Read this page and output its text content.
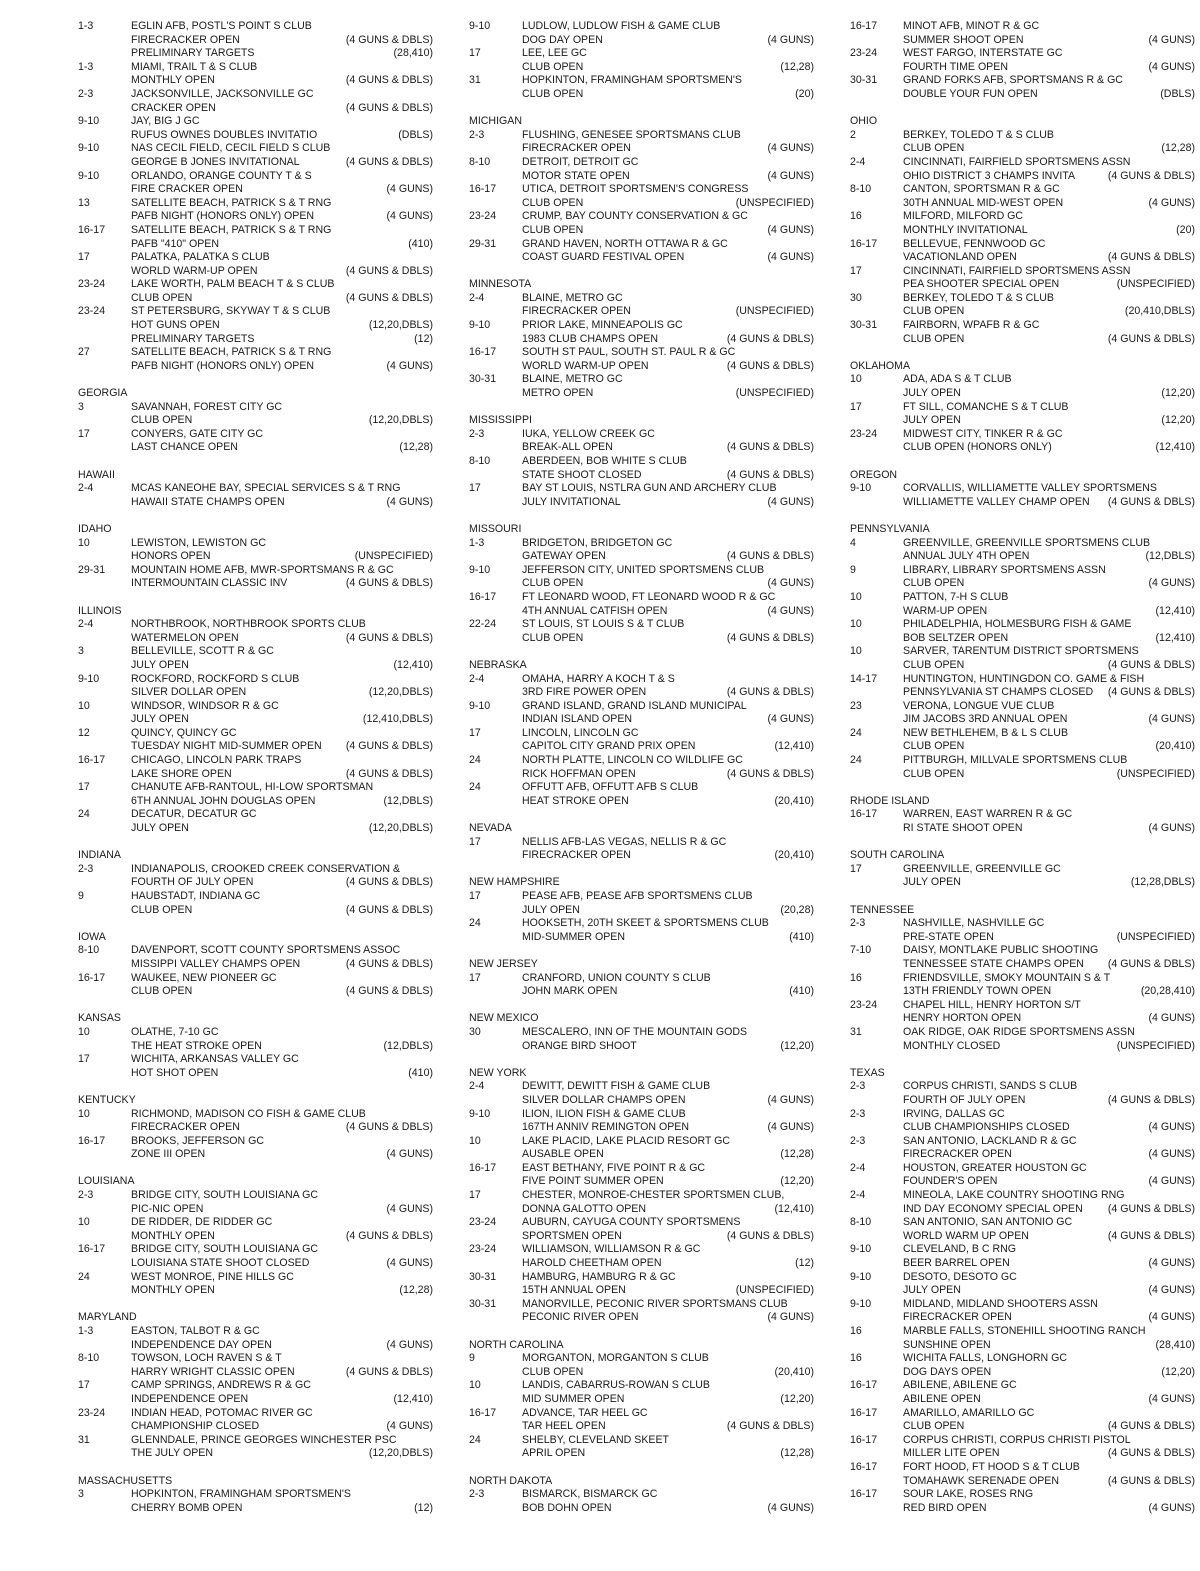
1-3	EGLIN AFB, POSTL'S POINT S CLUB
FIRECRACKER OPEN	(4 GUNS & DBLS)
PRELIMINARY TARGETS	(28,410)
1-3	MIAMI, TRAIL T & S CLUB
MONTHLY OPEN	(4 GUNS & DBLS)
2-3	JACKSONVILLE, JACKSONVILLE GC
CRACKER OPEN	(4 GUNS & DBLS)
9-10	JAY, BIG J GC
RUFUS OWNES DOUBLES INVITATIO	(DBLS)
9-10	NAS CECIL FIELD, CECIL FIELD S CLUB
GEORGE B JONES INVITATIONAL	(4 GUNS & DBLS)
9-10	ORLANDO, ORANGE COUNTY T & S
FIRE CRACKER OPEN	(4 GUNS)
13	SATELLITE BEACH, PATRICK S & T RNG
PAFB NIGHT (HONORS ONLY) OPEN	(4 GUNS)
16-17	SATELLITE BEACH, PATRICK S & T RNG
PAFB "410" OPEN	(410)
17	PALATKA, PALATKA S CLUB
WORLD WARM-UP OPEN	(4 GUNS & DBLS)
23-24	LAKE WORTH, PALM BEACH T & S CLUB
CLUB OPEN	(4 GUNS & DBLS)
23-24	ST PETERSBURG, SKYWAY T & S CLUB
HOT GUNS OPEN	(12,20,DBLS)
PRELIMINARY TARGETS	(12)
27	SATELLITE BEACH, PATRICK S & T RNG
PAFB NIGHT (HONORS ONLY) OPEN	(4 GUNS)
GEORGIA
3	SAVANNAH, FOREST CITY GC
CLUB OPEN	(12,20,DBLS)
17	CONYERS, GATE CITY GC
LAST CHANCE OPEN	(12,28)
HAWAII
2-4	MCAS KANEOHE BAY, SPECIAL SERVICES S & T RNG
HAWAII STATE CHAMPS OPEN	(4 GUNS)
IDAHO
10	LEWISTON, LEWISTON GC
HONORS OPEN	(UNSPECIFIED)
29-31	MOUNTAIN HOME AFB, MWR-SPORTSMANS R & GC
INTERMOUNTAIN CLASSIC INV	(4 GUNS & DBLS)
ILLINOIS
2-4	NORTHBROOK, NORTHBROOK SPORTS CLUB
WATERMELON OPEN	(4 GUNS & DBLS)
3	BELLEVILLE, SCOTT R & GC
JULY OPEN	(12,410)
9-10	ROCKFORD, ROCKFORD S CLUB
SILVER DOLLAR OPEN	(12,20,DBLS)
10	WINDSOR, WINDSOR R & GC
JULY OPEN	(12,410,DBLS)
12	QUINCY, QUINCY GC
TUESDAY NIGHT MID-SUMMER OPEN	(4 GUNS & DBLS)
16-17	CHICAGO, LINCOLN PARK TRAPS
LAKE SHORE OPEN	(4 GUNS & DBLS)
17	CHANUTE AFB-RANTOUL, HI-LOW SPORTSMAN
6TH ANNUAL JOHN DOUGLAS OPEN	(12,DBLS)
24	DECATUR, DECATUR GC
JULY OPEN	(12,20,DBLS)
INDIANA
2-3	INDIANAPOLIS, CROOKED CREEK CONSERVATION &
FOURTH OF JULY OPEN	(4 GUNS & DBLS)
9	HAUBSTADT, INDIANA GC
CLUB OPEN	(4 GUNS & DBLS)
IOWA
8-10	DAVENPORT, SCOTT COUNTY SPORTSMENS ASSOC
MISSIPPI VALLEY CHAMPS OPEN	(4 GUNS & DBLS)
16-17	WAUKEE, NEW PIONEER GC
CLUB OPEN	(4 GUNS & DBLS)
KANSAS
10	OLATHE, 7-10 GC
THE HEAT STROKE OPEN	(12,DBLS)
17	WICHITA, ARKANSAS VALLEY GC
HOT SHOT OPEN	(410)
KENTUCKY
10	RICHMOND, MADISON CO FISH & GAME CLUB
FIRECRACKER OPEN	(4 GUNS & DBLS)
16-17	BROOKS, JEFFERSON GC
ZONE III OPEN	(4 GUNS)
LOUISIANA
2-3	BRIDGE CITY, SOUTH LOUISIANA GC
PIC-NIC OPEN	(4 GUNS)
10	DE RIDDER, DE RIDDER GC
MONTHLY OPEN	(4 GUNS & DBLS)
16-17	BRIDGE CITY, SOUTH LOUISIANA GC
LOUISIANA STATE SHOOT CLOSED	(4 GUNS)
24	WEST MONROE, PINE HILLS GC
MONTHLY OPEN	(12,28)
MARYLAND
1-3	EASTON, TALBOT R & GC
INDEPENDENCE DAY OPEN	(4 GUNS)
8-10	TOWSON, LOCH RAVEN S & T
HARRY WRIGHT CLASSIC OPEN	(4 GUNS & DBLS)
17	CAMP SPRINGS, ANDREWS R & GC
INDEPENDENCE OPEN	(12,410)
23-24	INDIAN HEAD, POTOMAC RIVER GC
CHAMPIONSHIP CLOSED	(4 GUNS)
31	GLENNDALE, PRINCE GEORGES WINCHESTER PSC
THE JULY OPEN	(12,20,DBLS)
MASSACHUSETTS
3	HOPKINTON, FRAMINGHAM SPORTSMEN'S
CHERRY BOMB OPEN	(12)
9-10	LUDLOW, LUDLOW FISH & GAME CLUB
DOG DAY OPEN	(4 GUNS)
17	LEE, LEE GC
CLUB OPEN	(12,28)
31	HOPKINTON, FRAMINGHAM SPORTSMEN'S
CLUB OPEN	(20)
MICHIGAN
2-3	FLUSHING, GENESEE SPORTSMANS CLUB
FIRECRACKER OPEN	(4 GUNS)
8-10	DETROIT, DETROIT GC
MOTOR STATE OPEN	(4 GUNS)
16-17	UTICA, DETROIT SPORTSMEN'S CONGRESS
CLUB OPEN	(UNSPECIFIED)
23-24	CRUMP, BAY COUNTY CONSERVATION & GC
CLUB OPEN	(4 GUNS)
29-31	GRAND HAVEN, NORTH OTTAWA R & GC
COAST GUARD FESTIVAL OPEN	(4 GUNS)
MINNESOTA
2-4	BLAINE, METRO GC
FIRECRACKER OPEN	(UNSPECIFIED)
9-10	PRIOR LAKE, MINNEAPOLIS GC
1983 CLUB CHAMPS OPEN	(4 GUNS & DBLS)
16-17	SOUTH ST PAUL, SOUTH ST. PAUL R & GC
WORLD WARM-UP OPEN	(4 GUNS & DBLS)
30-31	BLAINE, METRO GC
METRO OPEN	(UNSPECIFIED)
MISSISSIPPI
2-3	IUKA, YELLOW CREEK GC
BREAK-ALL OPEN	(4 GUNS & DBLS)
8-10	ABERDEEN, BOB WHITE S CLUB
STATE SHOOT CLOSED	(4 GUNS & DBLS)
17	BAY ST LOUIS, NSTLRA GUN AND ARCHERY CLUB
JULY INVITATIONAL	(4 GUNS)
MISSOURI
1-3	BRIDGETON, BRIDGETON GC
GATEWAY OPEN	(4 GUNS & DBLS)
9-10	JEFFERSON CITY, UNITED SPORTSMENS CLUB
CLUB OPEN	(4 GUNS)
16-17	FT LEONARD WOOD, FT LEONARD WOOD R & GC
4TH ANNUAL CATFISH OPEN	(4 GUNS)
22-24	ST LOUIS, ST LOUIS S & T CLUB
CLUB OPEN	(4 GUNS & DBLS)
NEBRASKA
2-4	OMAHA, HARRY A KOCH T & S
3RD FIRE POWER OPEN	(4 GUNS & DBLS)
9-10	GRAND ISLAND, GRAND ISLAND MUNICIPAL
INDIAN ISLAND OPEN	(4 GUNS)
17	LINCOLN, LINCOLN GC
CAPITOL CITY GRAND PRIX OPEN	(12,410)
24	NORTH PLATTE, LINCOLN CO WILDLIFE GC
RICK HOFFMAN OPEN	(4 GUNS & DBLS)
24	OFFUTT AFB, OFFUTT AFB S CLUB
HEAT STROKE OPEN	(20,410)
NEVADA
17	NELLIS AFB-LAS VEGAS, NELLIS R & GC
FIRECRACKER OPEN	(20,410)
NEW HAMPSHIRE
17	PEASE AFB, PEASE AFB SPORTSMENS CLUB
JULY OPEN	(20,28)
24	HOOKSETH, 20TH SKEET & SPORTSMENS CLUB
MID-SUMMER OPEN	(410)
NEW JERSEY
17	CRANFORD, UNION COUNTY S CLUB
JOHN MARK OPEN	(410)
NEW MEXICO
30	MESCALERO, INN OF THE MOUNTAIN GODS
ORANGE BIRD SHOOT	(12,20)
NEW YORK
2-4	DEWITT, DEWITT FISH & GAME CLUB
SILVER DOLLAR CHAMPS OPEN	(4 GUNS)
9-10	ILION, ILION FISH & GAME CLUB
167TH ANNIV REMINGTON OPEN	(4 GUNS)
10	LAKE PLACID, LAKE PLACID RESORT GC
AUSABLE OPEN	(12,28)
16-17	EAST BETHANY, FIVE POINT R & GC
FIVE POINT SUMMER OPEN	(12,20)
17	CHESTER, MONROE-CHESTER SPORTSMEN CLUB,
DONNA GALOTTO OPEN	(12,410)
23-24	AUBURN, CAYUGA COUNTY SPORTSMENS
SPORTSMEN OPEN	(4 GUNS & DBLS)
23-24	WILLIAMSON, WILLIAMSON R & GC
HAROLD CHEETHAM OPEN	(12)
30-31	HAMBURG, HAMBURG R & GC
15TH ANNUAL OPEN	(UNSPECIFIED)
30-31	MANORVILLE, PECONIC RIVER SPORTSMANS CLUB
PECONIC RIVER OPEN	(4 GUNS)
NORTH CAROLINA
9	MORGANTON, MORGANTON S CLUB
CLUB OPEN	(20,410)
10	LANDIS, CABARRUS-ROWAN S CLUB
MID SUMMER OPEN	(12,20)
16-17	ADVANCE, TAR HEEL GC
TAR HEEL OPEN	(4 GUNS & DBLS)
24	SHELBY, CLEVELAND SKEET
APRIL OPEN	(12,28)
NORTH DAKOTA
2-3	BISMARCK, BISMARCK GC
BOB DOHN OPEN	(4 GUNS)
16-17	MINOT AFB, MINOT R & GC
SUMMER SHOOT OPEN	(4 GUNS)
23-24	WEST FARGO, INTERSTATE GC
FOURTH TIME OPEN	(4 GUNS)
30-31	GRAND FORKS AFB, SPORTSMANS R & GC
DOUBLE YOUR FUN OPEN	(DBLS)
OHIO
2	BERKEY, TOLEDO T & S CLUB
CLUB OPEN	(12,28)
2-4	CINCINNATI, FAIRFIELD SPORTSMENS ASSN
OHIO DISTRICT 3 CHAMPS INVITA	(4 GUNS & DBLS)
8-10	CANTON, SPORTSMAN R & GC
30TH ANNUAL MID-WEST OPEN	(4 GUNS)
16	MILFORD, MILFORD GC
MONTHLY INVITATIONAL	(20)
16-17	BELLEVUE, FENNWOOD GC
VACATIONLAND OPEN	(4 GUNS & DBLS)
17	CINCINNATI, FAIRFIELD SPORTSMENS ASSN
PEA SHOOTER SPECIAL OPEN	(UNSPECIFIED)
30	BERKEY, TOLEDO T & S CLUB
CLUB OPEN	(20,410,DBLS)
30-31	FAIRBORN, WPAFB R & GC
CLUB OPEN	(4 GUNS & DBLS)
OKLAHOMA
10	ADA, ADA S & T CLUB
JULY OPEN	(12,20)
17	FT SILL, COMANCHE S & T CLUB
JULY OPEN	(12,20)
23-24	MIDWEST CITY, TINKER R & GC
CLUB OPEN (HONORS ONLY)	(12,410)
OREGON
9-10	CORVALLIS, WILLIAMETTE VALLEY SPORTSMENS
WILLIAMETTE VALLEY CHAMP OPEN	(4 GUNS & DBLS)
PENNSYLVANIA
4	GREENVILLE, GREENVILLE SPORTSMENS CLUB
ANNUAL JULY 4TH OPEN	(12,DBLS)
9	LIBRARY, LIBRARY SPORTSMENS ASSN
CLUB OPEN	(4 GUNS)
10	PATTON, 7-H S CLUB
WARM-UP OPEN	(12,410)
10	PHILADELPHIA, HOLMESBURG FISH & GAME
BOB SELTZER OPEN	(12,410)
10	SARVER, TARENTUM DISTRICT SPORTSMENS
CLUB OPEN	(4 GUNS & DBLS)
14-17	HUNTINGTON, HUNTINGDON CO. GAME & FISH
PENNSYLVANIA ST CHAMPS CLOSED	(4 GUNS & DBLS)
23	VERONA, LONGUE VUE CLUB
JIM JACOBS 3RD ANNUAL OPEN	(4 GUNS)
24	NEW BETHLEHEM, B & L S CLUB
CLUB OPEN	(20,410)
24	PITTBURGH, MILLVALE SPORTSMENS CLUB
CLUB OPEN	(UNSPECIFIED)
RHODE ISLAND
16-17	WARREN, EAST WARREN R & GC
RI STATE SHOOT OPEN	(4 GUNS)
SOUTH CAROLINA
17	GREENVILLE, GREENVILLE GC
JULY OPEN	(12,28,DBLS)
TENNESSEE
2-3	NASHVILLE, NASHVILLE GC
PRE-STATE OPEN	(UNSPECIFIED)
7-10	DAISY, MONTLAKE PUBLIC SHOOTING
TENNESSEE STATE CHAMPS OPEN	(4 GUNS & DBLS)
16	FRIENDSVILLE, SMOKY MOUNTAIN S & T
13TH FRIENDLY TOWN OPEN	(20,28,410)
23-24	CHAPEL HILL, HENRY HORTON S/T
HENRY HORTON OPEN	(4 GUNS)
31	OAK RIDGE, OAK RIDGE SPORTSMENS ASSN
MONTHLY CLOSED	(UNSPECIFIED)
TEXAS
2-3	CORPUS CHRISTI, SANDS S CLUB
FOURTH OF JULY OPEN	(4 GUNS & DBLS)
2-3	IRVING, DALLAS GC
CLUB CHAMPIONSHIPS CLOSED	(4 GUNS)
2-3	SAN ANTONIO, LACKLAND R & GC
FIRECRACKER OPEN	(4 GUNS)
2-4	HOUSTON, GREATER HOUSTON GC
FOUNDER'S OPEN	(4 GUNS)
2-4	MINEOLA, LAKE COUNTRY SHOOTING RNG
IND DAY ECONOMY SPECIAL OPEN	(4 GUNS & DBLS)
8-10	SAN ANTONIO, SAN ANTONIO GC
WORLD WARM UP OPEN	(4 GUNS & DBLS)
9-10	CLEVELAND, B C RNG
BEER BARREL OPEN	(4 GUNS)
9-10	DESOTO, DESOTO GC
JULY OPEN	(4 GUNS)
9-10	MIDLAND, MIDLAND SHOOTERS ASSN
FIRECRACKER OPEN	(4 GUNS)
16	MARBLE FALLS, STONEHILL SHOOTING RANCH
SUNSHINE OPEN	(28,410)
16	WICHITA FALLS, LONGHORN GC
DOG DAYS OPEN	(12,20)
16-17	ABILENE, ABILENE GC
ABILENE OPEN	(4 GUNS)
16-17	AMARILLO, AMARILLO GC
CLUB OPEN	(4 GUNS & DBLS)
16-17	CORPUS CHRISTI, CORPUS CHRISTI PISTOL
MILLER LITE OPEN	(4 GUNS & DBLS)
16-17	FORT HOOD, FT HOOD S & T CLUB
TOMAHAWK SERENADE OPEN	(4 GUNS & DBLS)
16-17	SOUR LAKE, ROSES RNG
RED BIRD OPEN	(4 GUNS)
